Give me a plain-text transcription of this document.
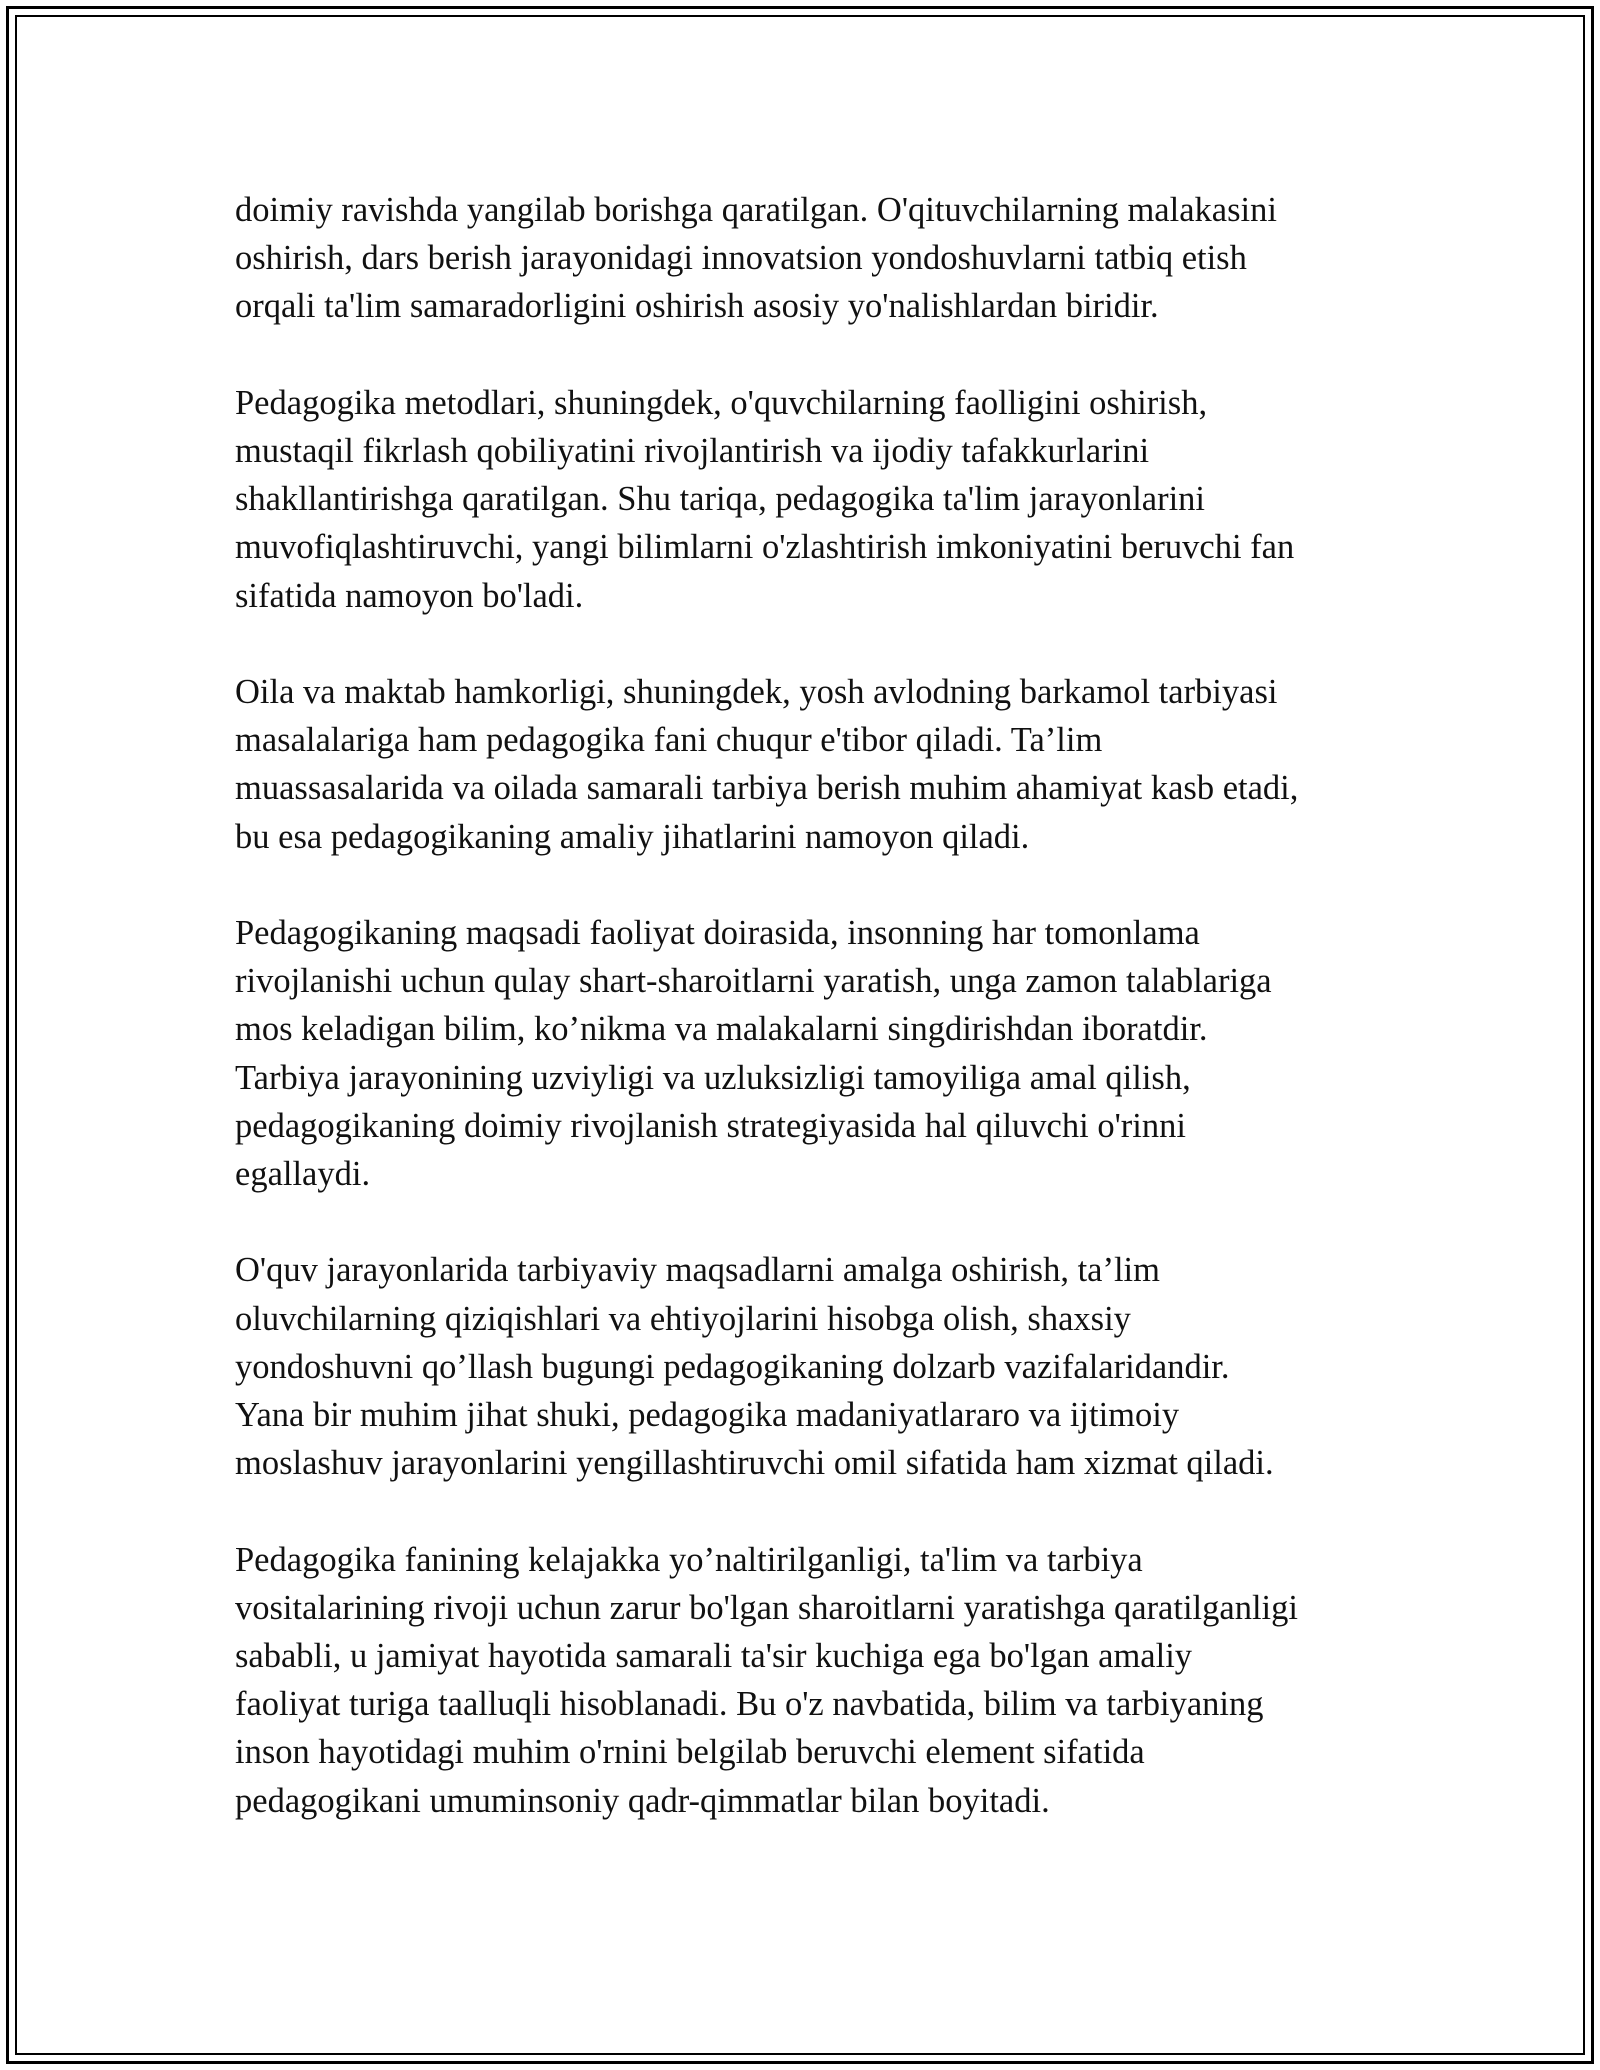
doimiy ravishda yangilab borishga qaratilgan. O'qituvchilarning malakasini
oshirish, dars berish jarayonidagi innovatsion yondoshuvlarni tatbiq etish
orqali ta'lim samaradorligini oshirish asosiy yo'nalishlardan biridir.

Pedagogika metodlari, shuningdek, o'quvchilarning faolligini oshirish,
mustaqil fikrlash qobiliyatini rivojlantirish va ijodiy tafakkurlarini
shakllantirishga qaratilgan. Shu tariqa, pedagogika ta'lim jarayonlarini
muvofiqlashtiruvchi, yangi bilimlarni o'zlashtirish imkoniyatini beruvchi fan
sifatida namoyon bo'ladi.

Oila va maktab hamkorligi, shuningdek, yosh avlodning barkamol tarbiyasi
masalalariga ham pedagogika fani chuqur e'tibor qiladi. Ta’lim
muassasalarida va oilada samarali tarbiya berish muhim ahamiyat kasb etadi,
bu esa pedagogikaning amaliy jihatlarini namoyon qiladi.

Pedagogikaning maqsadi faoliyat doirasida, insonning har tomonlama
rivojlanishi uchun qulay shart-sharoitlarni yaratish, unga zamon talablariga
mos keladigan bilim, ko’nikma va malakalarni singdirishdan iboratdir.
Tarbiya jarayonining uzviyligi va uzluksizligi tamoyiliga amal qilish,
pedagogikaning doimiy rivojlanish strategiyasida hal qiluvchi o'rinni
egallaydi.

O'quv jarayonlarida tarbiyaviy maqsadlarni amalga oshirish, ta’lim
oluvchilarning qiziqishlari va ehtiyojlarini hisobga olish, shaxsiy
yondoshuvni qo’llash bugungi pedagogikaning dolzarb vazifalaridandir.
Yana bir muhim jihat shuki, pedagogika madaniyatlararo va ijtimoiy
moslashuv jarayonlarini yengillashtiruvchi omil sifatida ham xizmat qiladi.

Pedagogika fanining kelajakka yo’naltirilganligi, ta'lim va tarbiya
vositalarining rivoji uchun zarur bo'lgan sharoitlarni yaratishga qaratilganligi
sababli, u jamiyat hayotida samarali ta'sir kuchiga ega bo'lgan amaliy
faoliyat turiga taalluqli hisoblanadi. Bu o'z navbatida, bilim va tarbiyaning
inson hayotidagi muhim o'rnini belgilab beruvchi element sifatida
pedagogikani umuminsoniy qadr-qimmatlar bilan boyitadi.
